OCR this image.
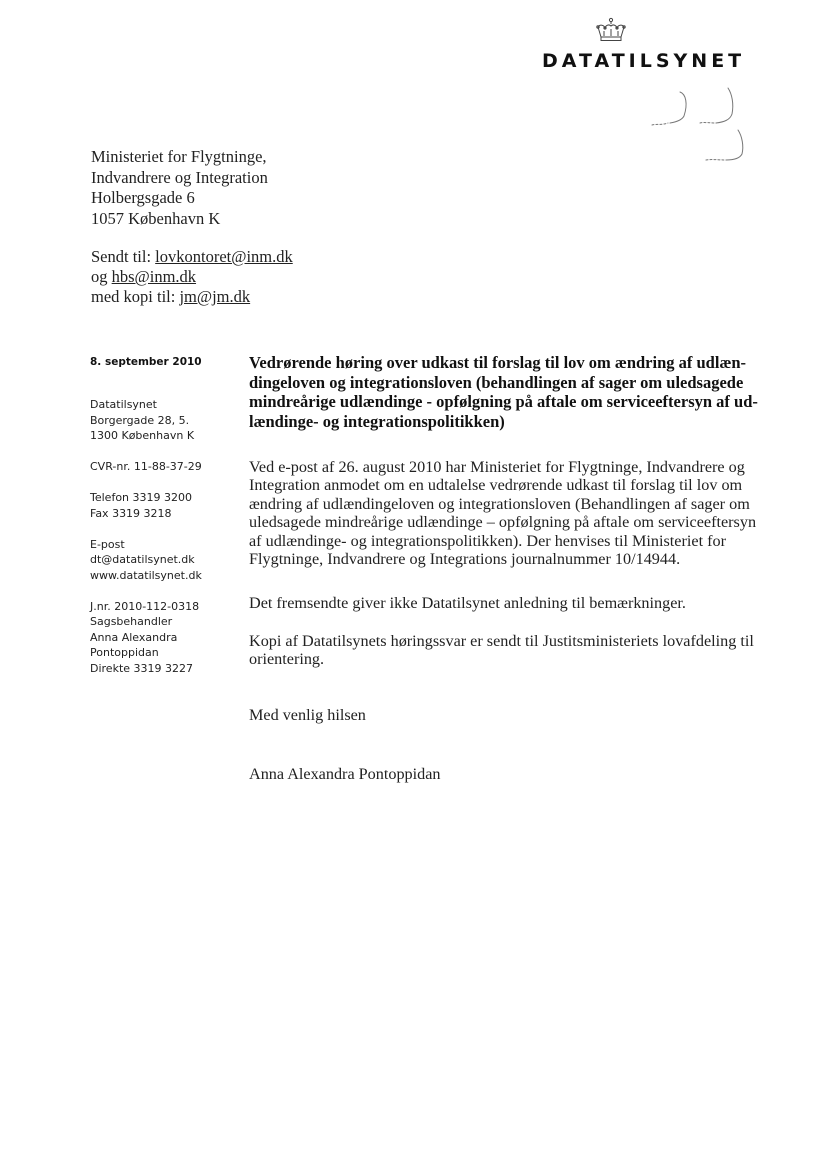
DATATILSYNET
Ministeriet for Flygtninge,
Indvandrere og Integration
Holbergsgade 6
1057 København K
Sendt til: lovkontoret@inm.dk
og hbs@inm.dk
med kopi til: jm@jm.dk
8. september 2010
Datatilsynet
Borgergade 28, 5.
1300 København K
CVR-nr. 11-88-37-29
Telefon 3319 3200
Fax 3319 3218
E-post
dt@datatilsynet.dk
www.datatilsynet.dk
J.nr. 2010-112-0318
Sagsbehandler
Anna Alexandra
Pontoppidan
Direkte 3319 3227
Vedrørende høring over udkast til forslag til lov om ændring af udlæn-
dingeloven og integrationsloven (behandlingen af sager om uledsagede
mindreårige udlændinge - opfølgning på aftale om serviceeftersyn af ud-
lændinge- og integrationspolitikken)
Ved e-post af 26. august 2010 har Ministeriet for Flygtninge, Indvandrere og
Integration anmodet om en udtalelse vedrørende udkast til forslag til lov om
ændring af udlændingeloven og integrationsloven (Behandlingen af sager om
uledsagede mindreårige udlændinge – opfølgning på aftale om serviceeftersyn
af udlændinge- og integrationspolitikken). Der henvises til Ministeriet for
Flygtninge, Indvandrere og Integrations journalnummer 10/14944.
Det fremsendte giver ikke Datatilsynet anledning til bemærkninger.
Kopi af Datatilsynets høringssvar er sendt til Justitsministeriets lovafdeling til
orientering.
Med venlig hilsen
Anna Alexandra Pontoppidan
